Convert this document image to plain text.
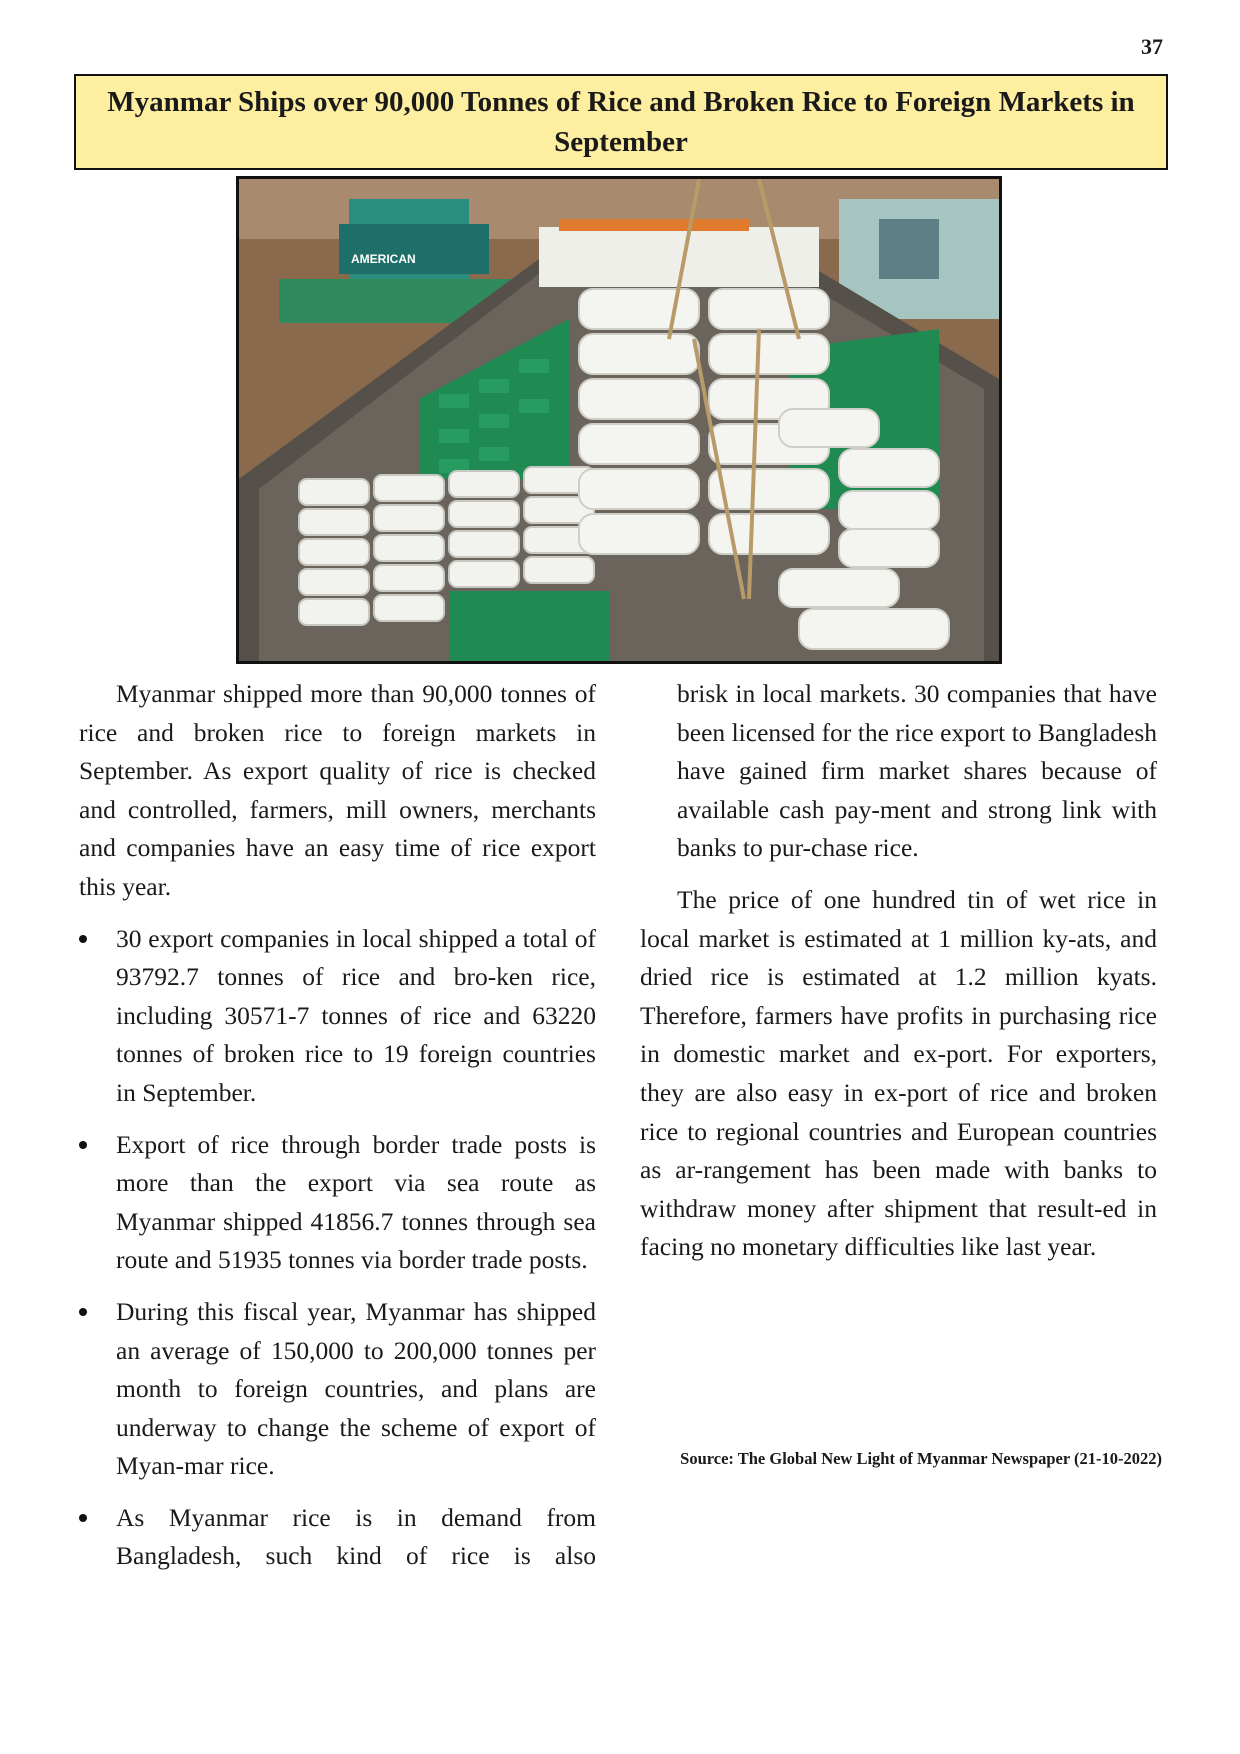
37
Myanmar Ships over 90,000 Tonnes of Rice and Broken Rice to Foreign Markets in September
AMERICAN

Myanmar shipped more than 90,000 tonnes of rice and broken rice to foreign markets in September. As export quality of rice is checked and controlled, farmers, mill owners, merchants and companies have an easy time of rice export this year.

30 export companies in local shipped a total of 93792.7 tonnes of rice and bro-ken rice, including 30571-7 tonnes of rice and 63220 tonnes of broken rice to 19 foreign countries in September.
Export of rice through border trade posts is more than the export via sea route as Myanmar shipped 41856.7 tonnes through sea route and 51935 tonnes via border trade posts.
During this fiscal year, Myanmar has shipped an average of 150,000 to 200,000 tonnes per month to foreign countries, and plans are underway to change the scheme of export of Myan-mar rice.
As Myanmar rice is in demand from Bangladesh, such kind of rice is also

brisk in local markets. 30 companies that have been licensed for the rice export to Bangladesh have gained firm market shares because of available cash pay-ment and strong link with banks to pur-chase rice.

The price of one hundred tin of wet rice in local market is estimated at 1 million ky-ats, and dried rice is estimated at 1.2 million kyats. Therefore, farmers have profits in purchasing rice in domestic market and ex-port. For exporters, they are also easy in ex-port of rice and broken rice to regional countries and European countries as ar-rangement has been made with banks to withdraw money after shipment that result-ed in facing no monetary difficulties like last year.

Source: The Global New Light of Myanmar Newspaper (21-10-2022)
